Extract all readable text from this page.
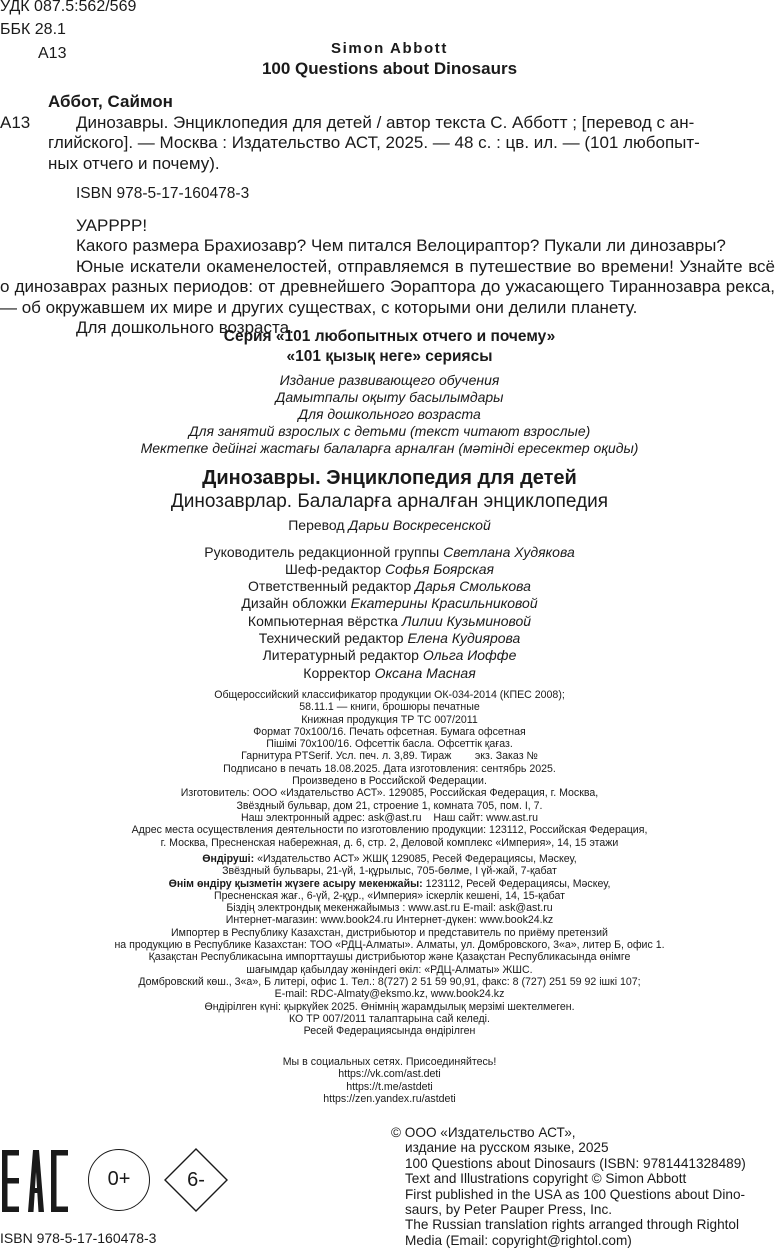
УДК 087.5:562/569
ББК 28.1
А13	Simon Abbott
100 Questions about Dinosaurs

Аббот, Саймон

А13	Динозавры. Энциклопедия для детей / автор текста С. Абботт ; [перевод с ан-

глийского]. — Москва : Издательство АСТ, 2025. — 48 с. : цв. ил. — (101 любопыт-

ных отчего и почему).

ISBN 978-5-17-160478-3

УАРРРР!

Какого размера Брахиозавр? Чем питался Велоцираптор? Пукали ли динозавры?

Юные искатели окаменелостей, отправляемся в путешествие во времени! Узнайте всё о динозаврах разных периодов: от древнейшего Эораптора до ужасающего Тираннозавра рекса, — об окружавшем их мире и других существах, с которыми они делили планету.

Для дошкольного возраста.

Серия «101 любопытных отчего и почему»
«101 қызық неге» сериясы
Издание развивающего обучения
Дамытпалы оқыту басылымдары
Для дошкольного возраста
Для занятий взрослых с детьми (текст читают взрослые)
Мектепке дейінгі жастағы балаларға арналған (мәтінді ересектер оқиды)
Динозавры. Энциклопедия для детей
Динозаврлар. Балаларға арналған энциклопедия
Перевод Дарьи Воскресенской
Руководитель редакционной группы Светлана Худякова
Шеф-редактор Софья Боярская
Ответственный редактор Дарья Смолькова
Дизайн обложки Екатерины Красильниковой
Компьютерная вёрстка Лилии Кузьминовой
Технический редактор Елена Кудиярова
Литературный редактор Ольга Иоффе
Корректор Оксана Масная
Общероссийский классификатор продукции ОК-034-2014 (КПЕС 2008);
58.11.1 — книги, брошюры печатные
Книжная продукция ТР ТС 007/2011
Формат 70x100/16. Печать офсетная. Бумага офсетная
Пішімі 70x100/16. Офсеттік басла. Офсеттік қағаз.
Гарнитура PTSerif. Усл. печ. л. 3,89. Тираж        экз. Заказ №
Подписано в печать 18.08.2025. Дата изготовления: сентябрь 2025.
Произведено в Российской Федерации.
Изготовитель: ООО «Издательство АСТ». 129085, Российская Федерация, г. Москва,
Звёздный бульвар, дом 21, строение 1, комната 705, пом. I, 7.
Наш электронный адрес: ask@ast.ru    Наш сайт: www.ast.ru
Адрес места осуществления деятельности по изготовлению продукции: 123112, Российская Федерация,
г. Москва, Пресненская набережная, д. 6, стр. 2, Деловой комплекс «Империя», 14, 15 этажи
Өндіруші: «Издательство АСТ» ЖШҚ 129085, Ресей Федерациясы, Мәскеу,
Звёздный бульвары, 21-үй, 1-құрылыс, 705-бөлме, I үй-жай, 7-қабат
Өнім өндіру қызметін жүзеге асыру мекенжайы: 123112, Ресей Федерациясы, Мәскеу,
Пресненская жағ., 6-үй, 2-құр., «Империя» іскерлік кешені, 14, 15-қабат
Біздің электрондық мекенжайымыз : www.ast.ru E-mail: ask@ast.ru
Интернет-магазин: www.book24.ru Интернет-дүкен: www.book24.kz
Импортер в Республику Казахстан, дистрибьютор и представитель по приёму претензий
на продукцию в Республике Казахстан: ТОО «РДЦ-Алматы». Алматы, ул. Домбровского, 3«а», литер Б, офис 1.
Қазақстан Республикасына импорттаушы дистрибьютор және Қазақстан Республикасында өнімге
шағымдар қабылдау жөніндегі өкіл: «РДЦ-Алматы» ЖШС.
Домбровский көш., 3«а», Б литері, офис 1. Тел.: 8(727) 2 51 59 90,91, факс: 8 (727) 251 59 92 ішкі 107;
E-mail: RDC-Almaty@eksmo.kz, www.book24.kz
Өндірілген күні: қыркүйек 2025. Өнімнің жарамдылық мерзімі шектелмеген.
КО ТР 007/2011 талаптарына сай келеді.
Ресей Федерациясында өндірілген
Мы в социальных сетях. Присоединяйтесь!
https://vk.com/ast.deti
https://t.me/astdeti
https://zen.yandex.ru/astdeti
0+	6-
ISBN 978-5-17-160478-3
© ООО «Издательство АСТ»,
издание на русском языке, 2025
100 Questions about Dinosaurs (ISBN: 9781441328489)
Text and Illustrations copyright © Simon Abbott
First published in the USA as 100 Questions about Dino-
saurs, by Peter Pauper Press, Inc.
The Russian translation rights arranged through Rightol
Media (Email: copyright@rightol.com)
